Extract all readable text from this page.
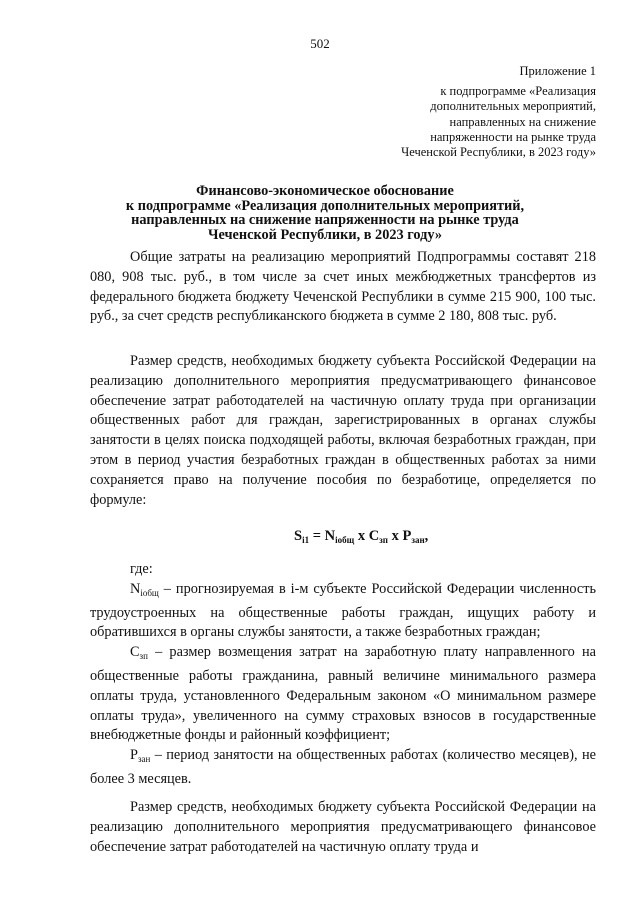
502
Приложение 1
к подпрограмме «Реализация
дополнительных мероприятий,
направленных на снижение
напряженности на рынке труда
Чеченской Республики, в 2023 году»
Финансово-экономическое обоснование
к подпрограмме «Реализация дополнительных мероприятий,
направленных на снижение напряженности на рынке труда
Чеченской Республики, в 2023 году»

Общие затраты на реализацию мероприятий Подпрограммы составят 218 080, 908 тыс. руб., в том числе за счет иных межбюджетных трансфертов из федерального бюджета бюджету Чеченской Республики в сумме 215 900, 100 тыс. руб., за счет средств республиканского бюджета в сумме 2 180, 808 тыс. руб.

Размер средств, необходимых бюджету субъекта Российской Федерации на реализацию дополнительного мероприятия предусматривающего финансовое обеспечение затрат работодателей на частичную оплату труда при организации общественных работ для граждан, зарегистрированных в органах службы занятости в целях поиска подходящей работы, включая безработных граждан, при этом в период участия безработных граждан в общественных работах за ними сохраняется право на получение пособия по безработице, определяется по формуле:

$S_{i1} = N_{iобщ}$ x $C_{зп}$ x $P_{зан}$,

где:

$N_{iобщ}$ – прогнозируемая в i-м субъекте Российской Федерации численность трудоустроенных на общественные работы граждан, ищущих работу и обратившихся в органы службы занятости, а также безработных граждан;

$C_{зп}$ – размер возмещения затрат на заработную плату направленного на общественные работы гражданина, равный величине минимального размера оплаты труда, установленного Федеральным законом «О минимальном размере оплаты труда», увеличенного на сумму страховых взносов в государственные внебюджетные фонды и районный коэффициент;

$P_{зан}$ – период занятости на общественных работах (количество месяцев), не более 3 месяцев.

Размер средств, необходимых бюджету субъекта Российской Федерации на реализацию дополнительного мероприятия предусматривающего финансовое обеспечение затрат работодателей на частичную оплату труда и
